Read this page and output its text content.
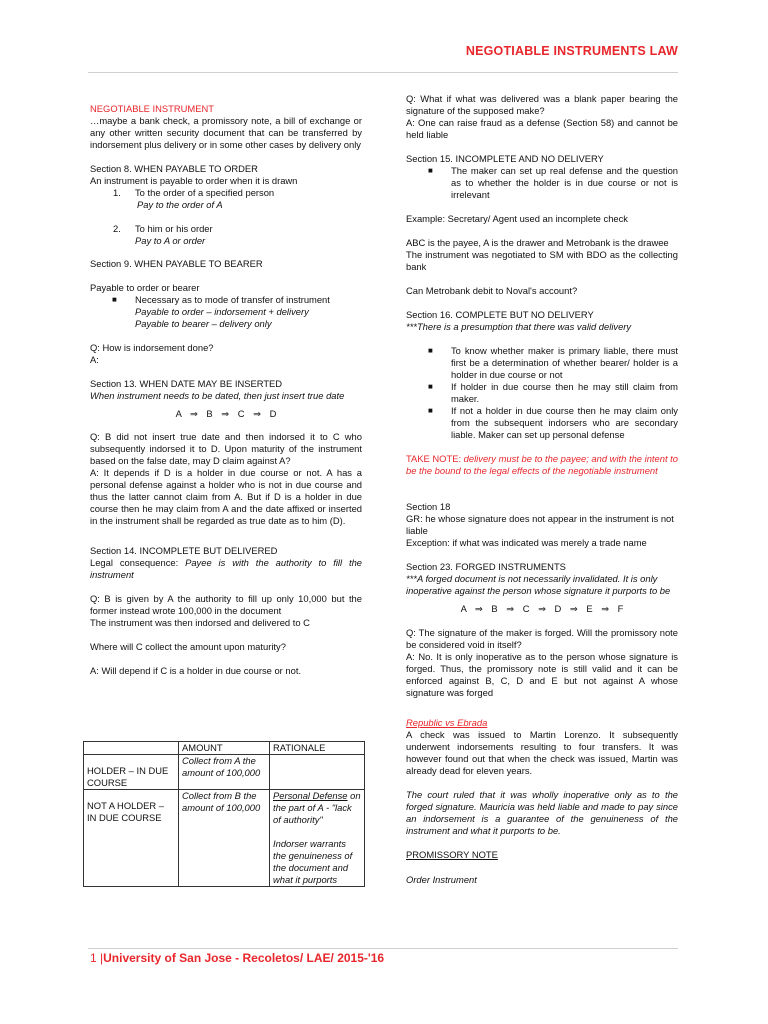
NEGOTIABLE INSTRUMENTS LAW

NEGOTIABLE INSTRUMENT

…maybe a bank check, a promissory note, a bill of exchange or any other written security document that can be transferred by indorsement plus delivery or in some other cases by delivery only

Section 8. WHEN PAYABLE TO ORDER

An instrument is payable to order when it is drawn

1. To the order of a specified person

Pay to the order of A

2. To him or his order

Pay to A or order

Section 9. WHEN PAYABLE TO BEARER

Payable to order or bearer

■ Necessary as to mode of transfer of instrument

Payable to order – indorsement + delivery

Payable to bearer – delivery only

Q: How is indorsement done?

A:

Section 13. WHEN DATE MAY BE INSERTED

When instrument needs to be dated, then just insert true date

A ⇒ B ⇒ C ⇒ D

Q: B did not insert true date and then indorsed it to C who subsequently indorsed it to D. Upon maturity of the instrument based on the false date, may D claim against A?

A: It depends if D is a holder in due course or not. A has a personal defense against a holder who is not in due course and thus the latter cannot claim from A. But if D is a holder in due course then he may claim from A and the date affixed or inserted in the instrument shall be regarded as true date as to him (D).

Section 14. INCOMPLETE BUT DELIVERED

Legal consequence: Payee is with the authority to fill the instrument

Q: B is given by A the authority to fill up only 10,000 but the former instead wrote 100,000 in the document

The instrument was then indorsed and delivered to C

Where will C collect the amount upon maturity?

A: Will depend if C is a holder in due course or not.

	AMOUNT	RATIONALE
HOLDER – IN DUE COURSE	Collect from A the amount of 100,000	
NOT A HOLDER – IN DUE COURSE	Collect from B the amount of 100,000	Personal Defense on the part of A - "lack of authority"

Indorser warrants the genuineness of the document and what it purports

Q: What if what was delivered was a blank paper bearing the signature of the supposed make?

A: One can raise fraud as a defense (Section 58) and cannot be held liable

Section 15. INCOMPLETE AND NO DELIVERY

■ The maker can set up real defense and the question as to whether the holder is in due course or not is irrelevant

Example: Secretary/ Agent used an incomplete check

ABC is the payee, A is the drawer and Metrobank is the drawee

The instrument was negotiated to SM with BDO as the collecting bank

Can Metrobank debit to Noval's account?

Section 16. COMPLETE BUT NO DELIVERY

***There is a presumption that there was valid delivery

■ To know whether maker is primary liable, there must first be a determination of whether bearer/ holder is a holder in due course or not

■ If holder in due course then he may still claim from maker.

■ If not a holder in due course then he may claim only from the subsequent indorsers who are secondary liable. Maker can set up personal defense

TAKE NOTE: delivery must be to the payee; and with the intent to be the bound to the legal effects of the negotiable instrument

Section 18

GR: he whose signature does not appear in the instrument is not liable

Exception: if what was indicated was merely a trade name

Section 23. FORGED INSTRUMENTS

***A forged document is not necessarily invalidated. It is only inoperative against the person whose signature it purports to be

A ⇒ B ⇒ C ⇒ D ⇒ E ⇒ F

Q: The signature of the maker is forged. Will the promissory note be considered void in itself?

A: No. It is only inoperative as to the person whose signature is forged. Thus, the promissory note is still valid and it can be enforced against B, C, D and E but not against A whose signature was forged

Republic vs Ebrada

A check was issued to Martin Lorenzo. It subsequently underwent indorsements resulting to four transfers. It was however found out that when the check was issued, Martin was already dead for eleven years.

The court ruled that it was wholly inoperative only as to the forged signature. Mauricia was held liable and made to pay since an indorsement is a guarantee of the genuineness of the instrument and what it purports to be.

PROMISSORY NOTE

Order Instrument

1 |University of San Jose - Recoletos/ LAE/ 2015-'16
